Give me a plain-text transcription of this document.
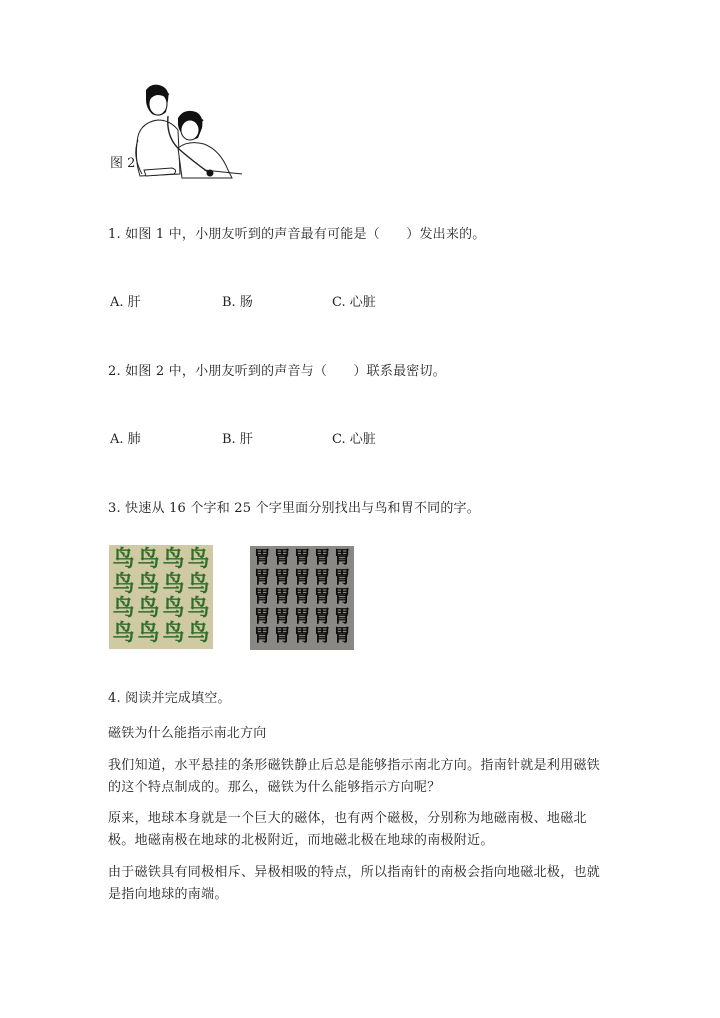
图 2
1. 如图 1 中，小朋友听到的声音最有可能是（　　）发出来的。
A. 肝	B. 肠	C. 心脏
2. 如图 2 中，小朋友听到的声音与（　　）联系最密切。
A. 肺	B. 肝	C. 心脏
3. 快速从 16 个字和 25 个字里面分别找出与鸟和胃不同的字。
鸟 鸟 鸟 鸟
鸟 鸟 鸟 鸟
鸟 鸟 鸟 鸟
鸟 鸟 鸟 鸟
胃 胃 胃 胃 胃
胃 胃 胃 胃 胃
胃 胃 胃 胃 胃
胃 胃 胃 胃 胃
胃 胃 胃 胃 胃
4. 阅读并完成填空。
磁铁为什么能指示南北方向
我们知道，水平悬挂的条形磁铁静止后总是能够指示南北方向。指南针就是利用磁铁的这个特点制成的。那么，磁铁为什么能够指示方向呢？
原来，地球本身就是一个巨大的磁体，也有两个磁极，分别称为地磁南极、地磁北极。地磁南极在地球的北极附近，而地磁北极在地球的南极附近。
由于磁铁具有同极相斥、异极相吸的特点，所以指南针的南极会指向地磁北极，也就是指向地球的南端。
